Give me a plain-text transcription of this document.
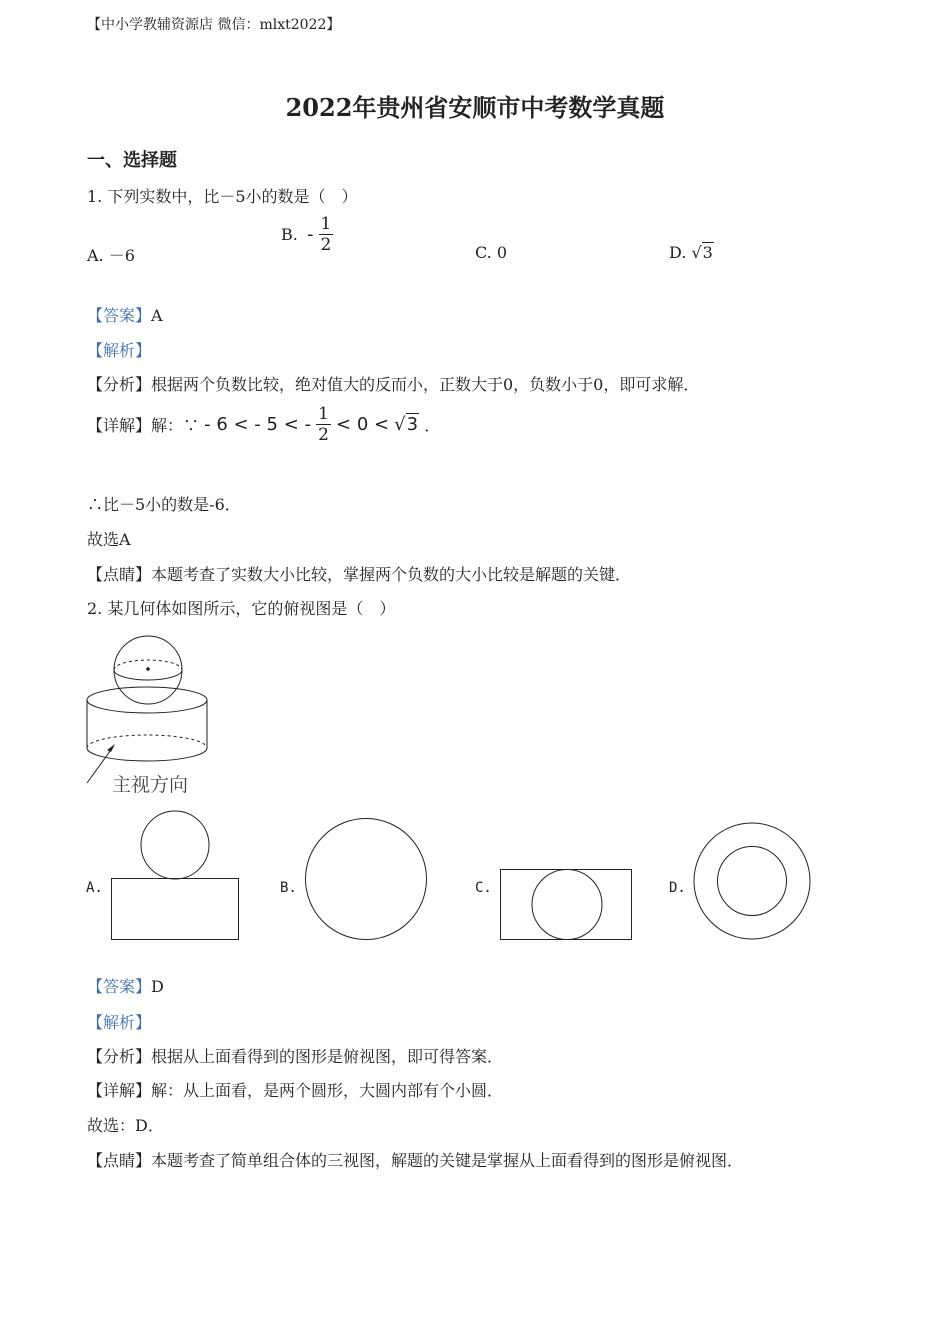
【中小学教辅资源店 微信：mlxt2022】
2022年贵州省安顺市中考数学真题
一、选择题
1. 下列实数中，比－5小的数是（　）
A. －6
B. - $\frac{1}{2}$	C. 0	D. √3
【答案】A
【解析】
【分析】根据两个负数比较，绝对值大的反而小，正数大于0，负数小于0，即可求解．
【详解】解：∵ - 6 < - 5 < - $\frac{1}{2} < 0 < √3$ ．
∴比－5小的数是-6．
故选A
【点睛】本题考查了实数大小比较，掌握两个负数的大小比较是解题的关键．
2. 某几何体如图所示，它的俯视图是（　）
主视方向
A.	B.	C.	D.
【答案】D
【解析】
【分析】根据从上面看得到的图形是俯视图，即可得答案．
【详解】解：从上面看，是两个圆形，大圆内部有个小圆．
故选：D．
【点睛】本题考查了简单组合体的三视图，解题的关键是掌握从上面看得到的图形是俯视图．
